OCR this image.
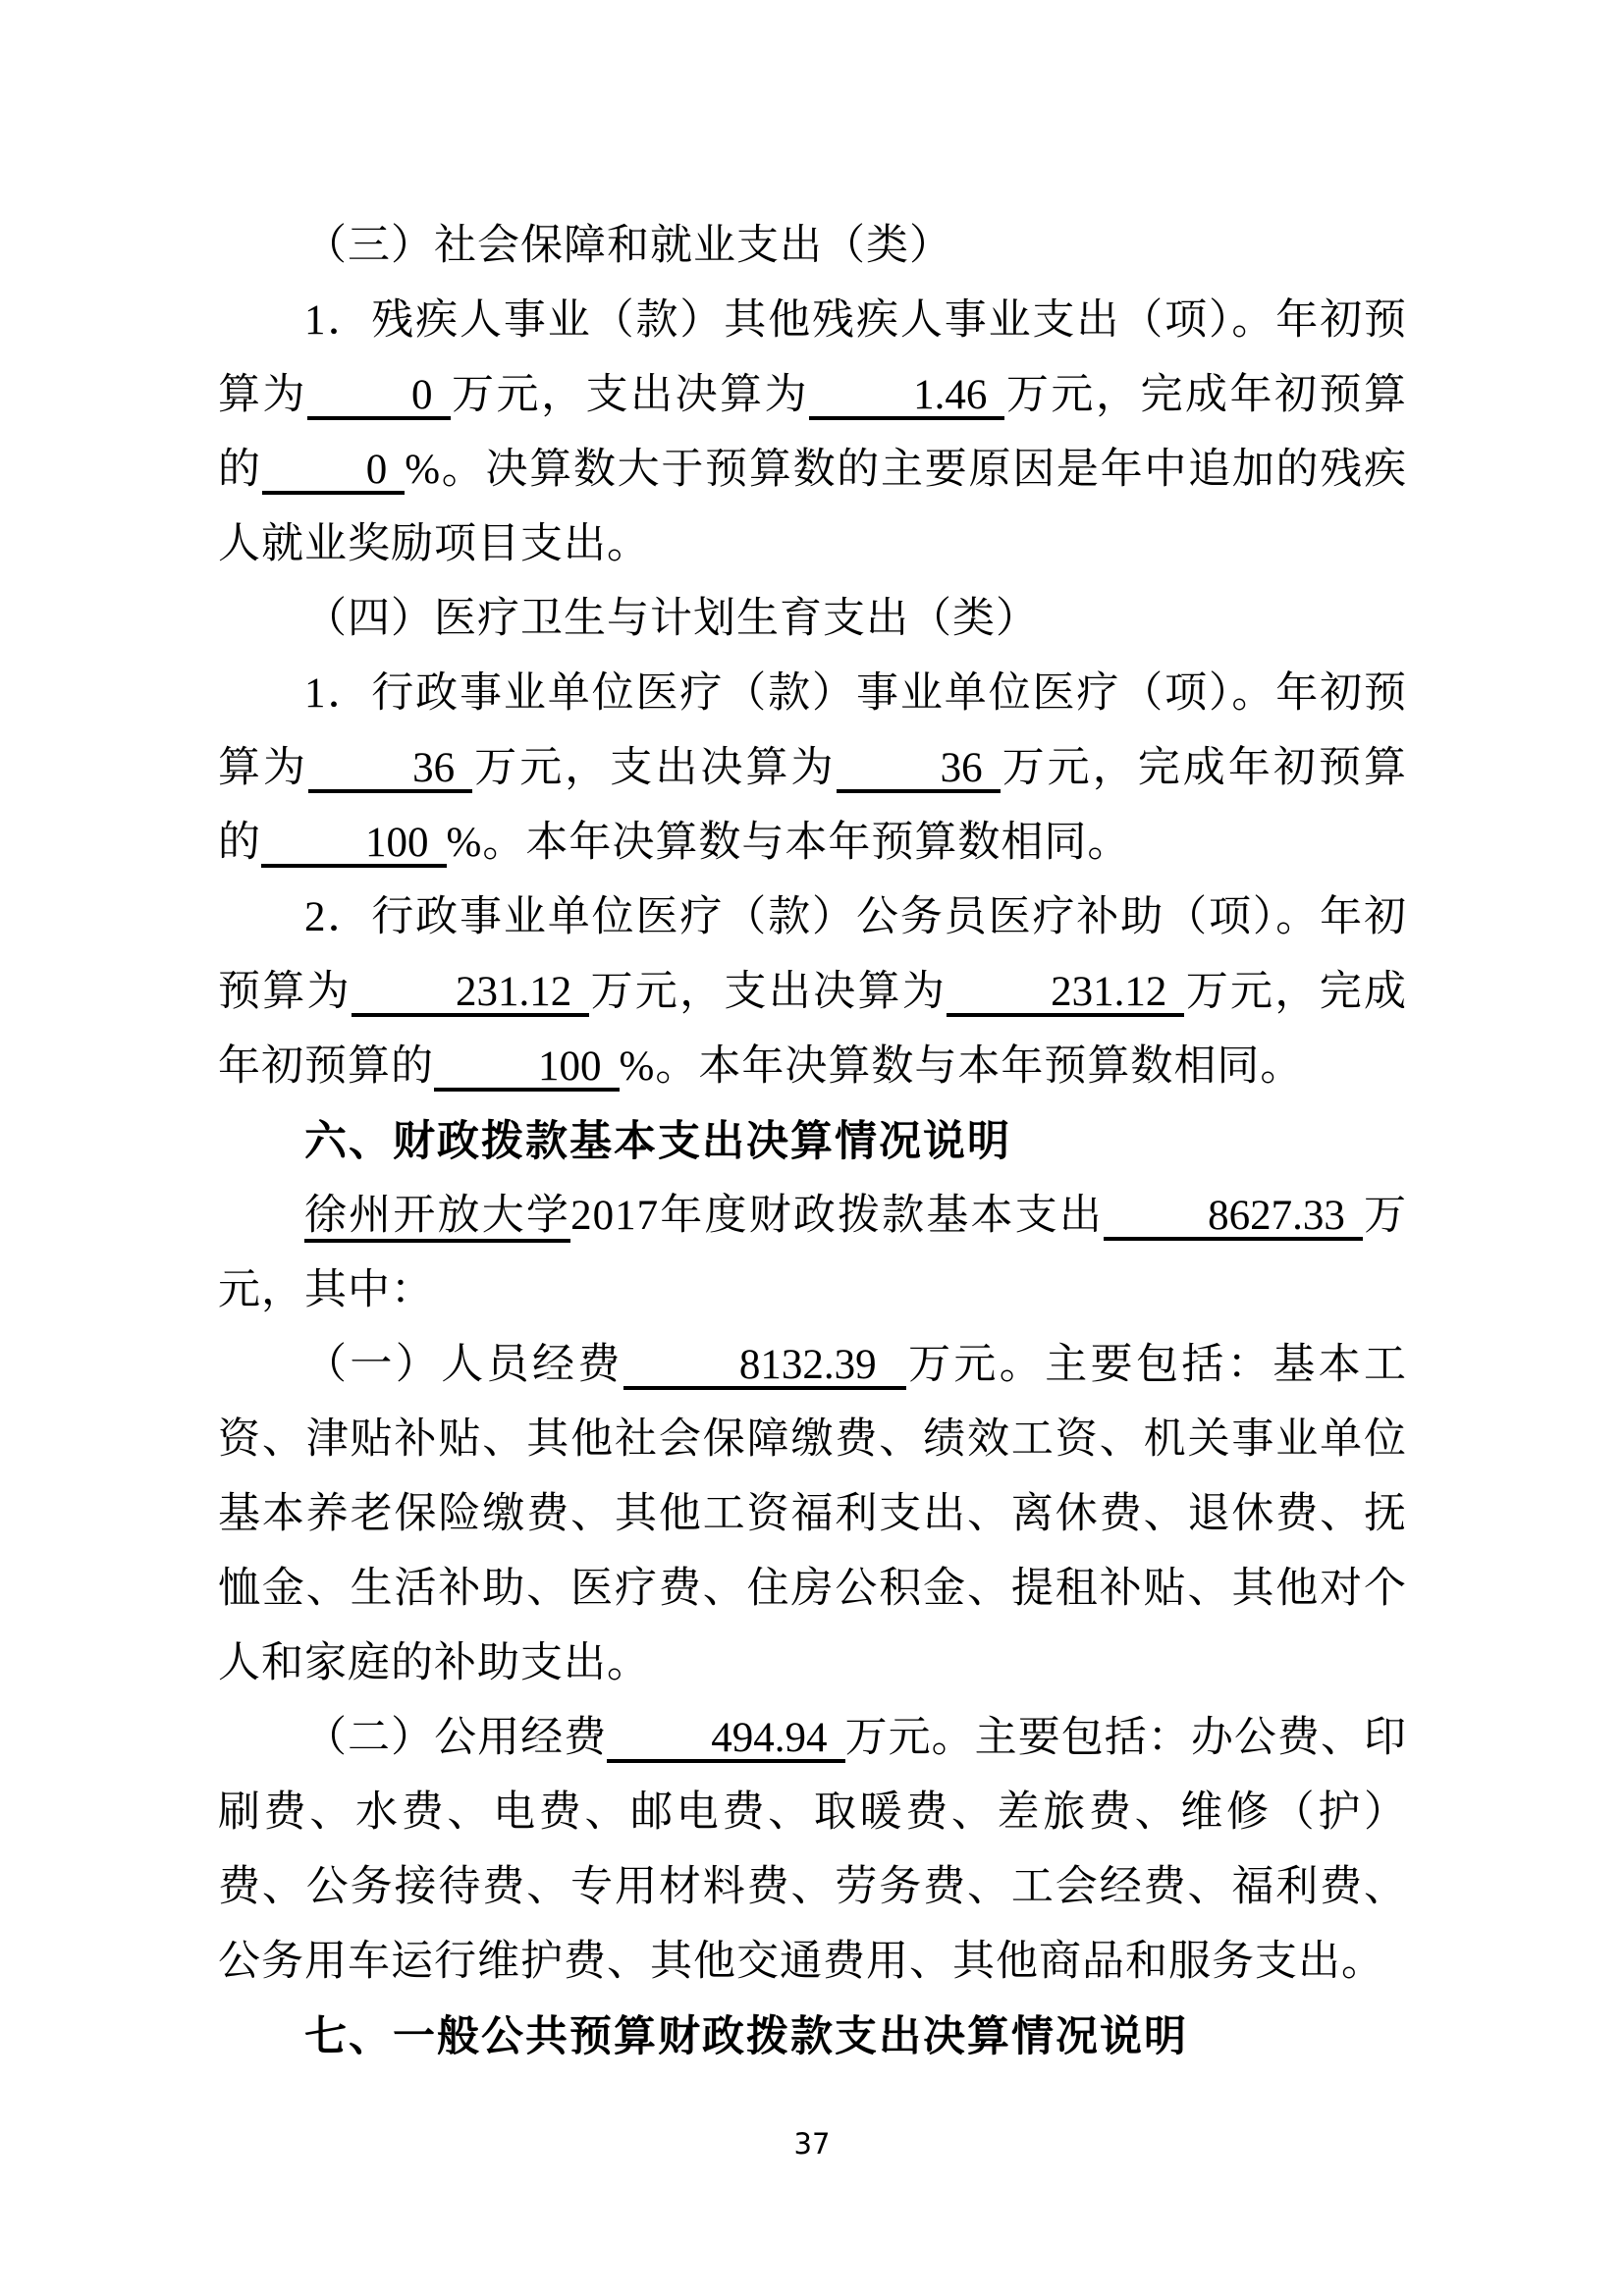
（三）社会保障和就业支出（类）

1．残疾人事业（款）其他残疾人事业支出（项）。年初预算为 0 万元，支出决算为 1.46 万元，完成年初预算的 0 %。决算数大于预算数的主要原因是年中追加的残疾人就业奖励项目支出。

（四）医疗卫生与计划生育支出（类）

1．行政事业单位医疗（款）事业单位医疗（项）。年初预算为 36 万元，支出决算为 36 万元，完成年初预算的 100 %。本年决算数与本年预算数相同。

2．行政事业单位医疗（款）公务员医疗补助（项）。年初预算为 231.12 万元，支出决算为 231.12 万元，完成年初预算的 100 %。本年决算数与本年预算数相同。

六、财政拨款基本支出决算情况说明

徐州开放大学2017年度财政拨款基本支出 8627.33 万元，其中：

（一）人员经费	8132.39 万元。主要包括：基本工资、津贴补贴、其他社会保障缴费、绩效工资、机关事业单位基本养老保险缴费、其他工资福利支出、离休费、退休费、抚恤金、生活补助、医疗费、住房公积金、提租补贴、其他对个人和家庭的补助支出。

（二）公用经费 494.94 万元。主要包括：办公费、印刷费、水费、电费、邮电费、取暖费、差旅费、维修（护）费、公务接待费、专用材料费、劳务费、工会经费、福利费、公务用车运行维护费、其他交通费用、其他商品和服务支出。

七、一般公共预算财政拨款支出决算情况说明

37
